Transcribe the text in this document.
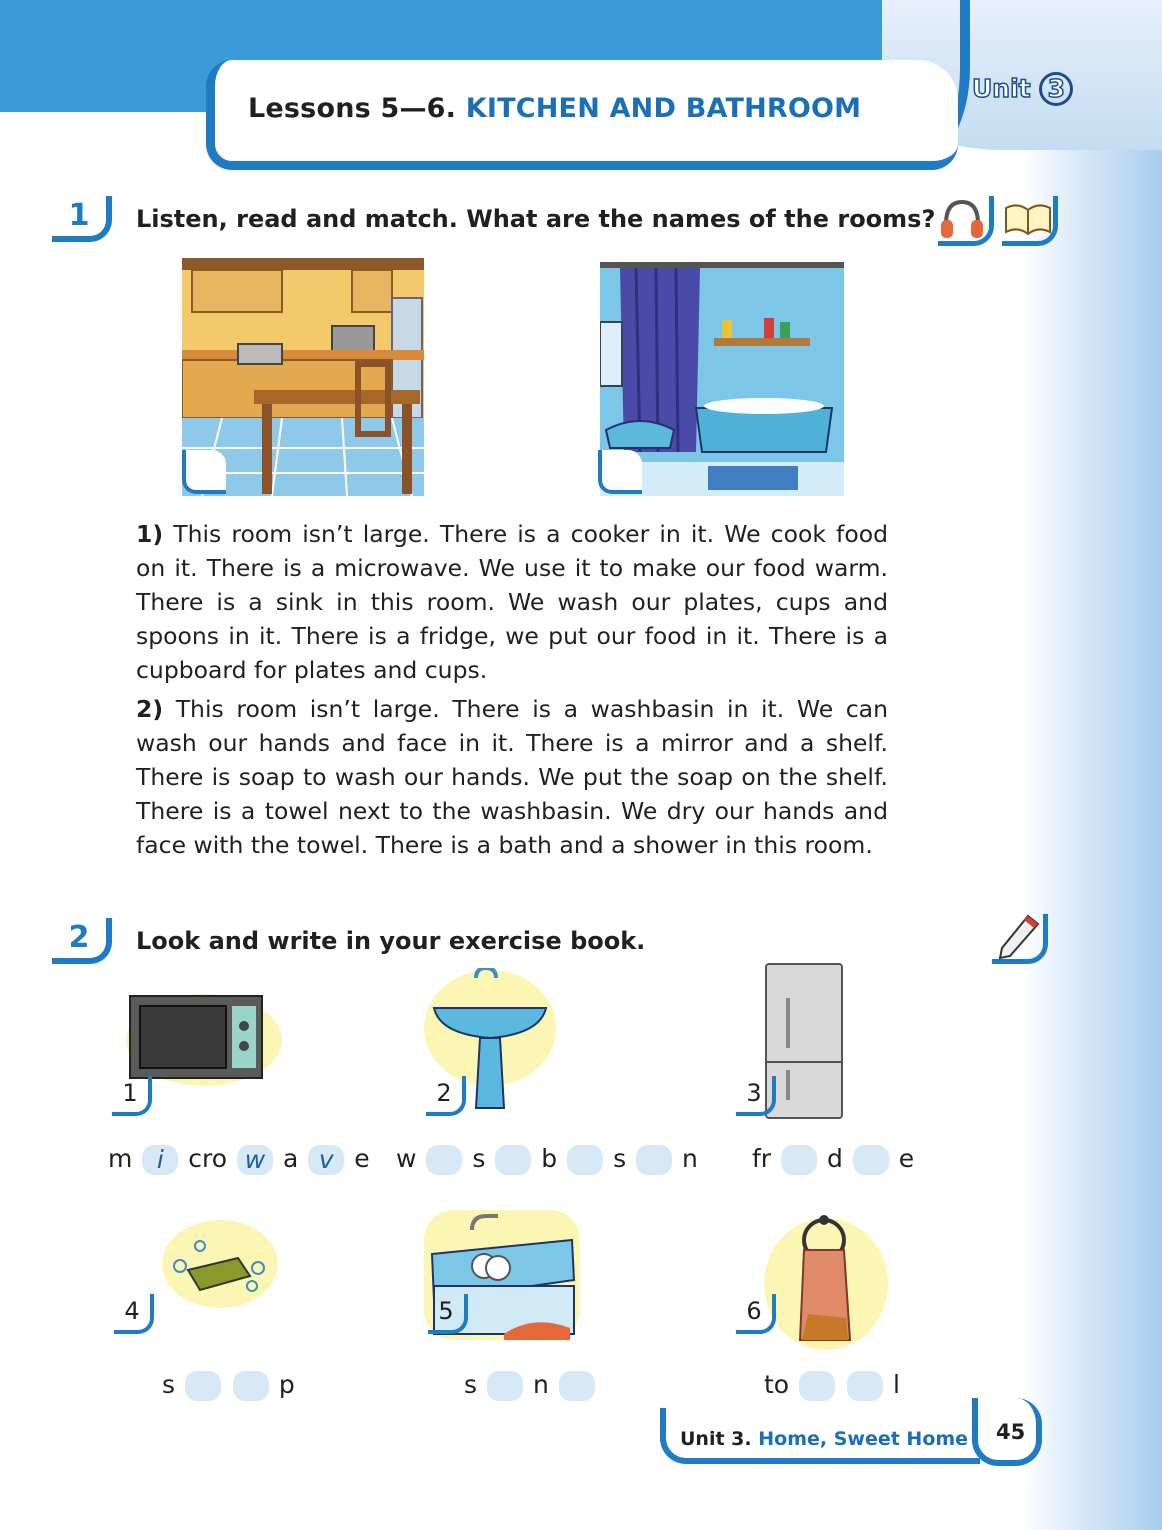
Lessons 5—6. KITCHEN AND BATHROOM
Unit 3
1	Listen, read and match. What are the names of the rooms?
1) This room isn’t large. There is a cooker in it. We cook food on it. There is a microwave. We use it to make our food warm. There is a sink in this room. We wash our plates, cups and spoons in it. There is a fridge, we put our food in it. There is a cupboard for plates and cups.
2) This room isn’t large. There is a washbasin in it. We can wash our hands and face in it. There is a mirror and a shelf. There is soap to wash our hands. We put the soap on the shelf. There is a towel next to the washbasin. We dry our hands and face with the towel. There is a bath and a shower in this room.
2	Look and write in your exercise book.
1
m i cro w a v e
2
w s b s n
3
fr d e
4
s	p
5
s n
6
to	l
Unit 3. Home, Sweet Home 45
